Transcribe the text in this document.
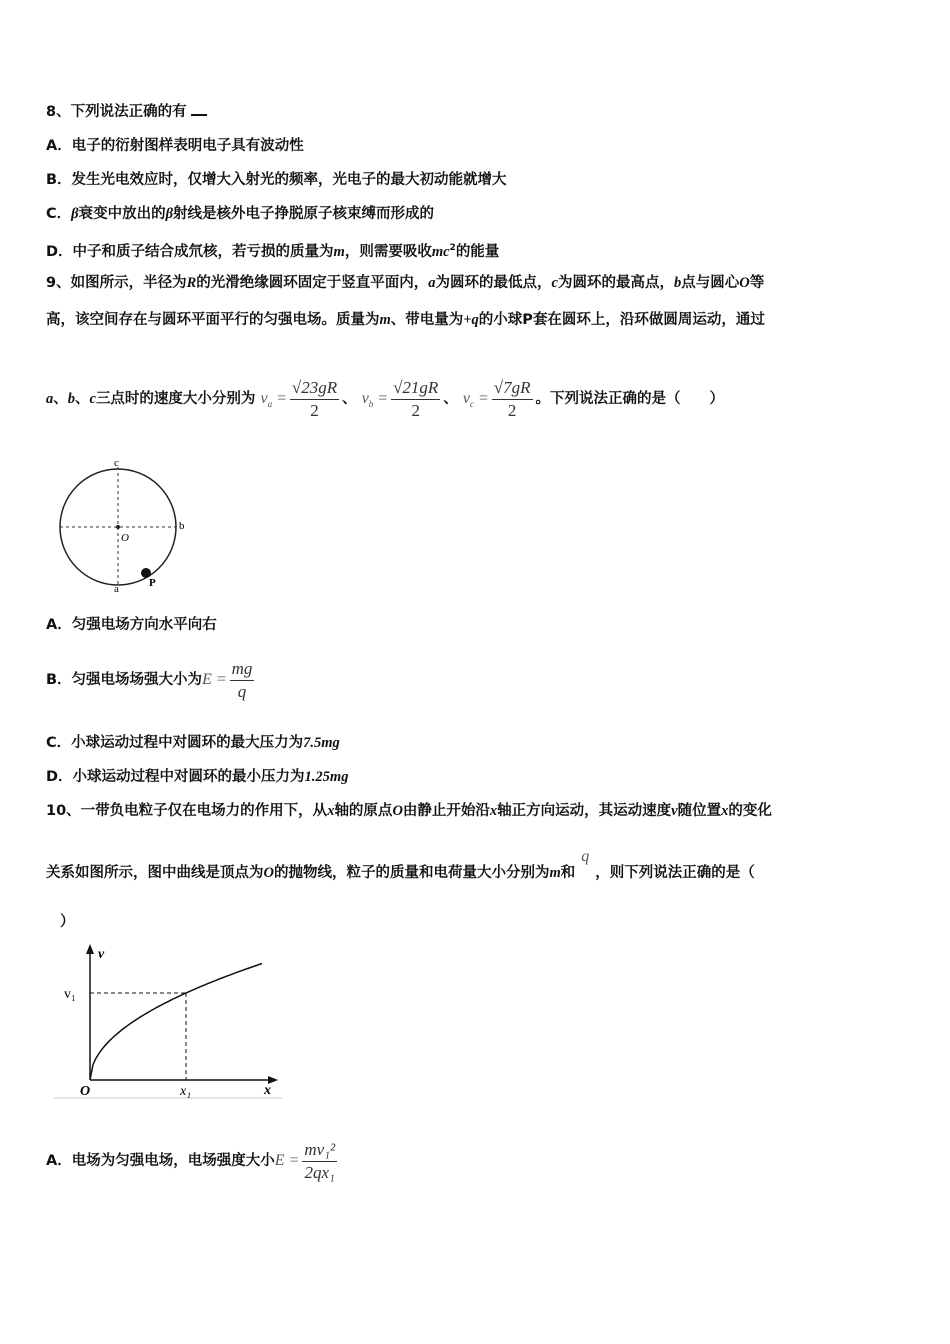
8、下列说法正确的有
A．电子的衍射图样表明电子具有波动性
B．发生光电效应时，仅增大入射光的频率，光电子的最大初动能就增大
C．β衰变中放出的β射线是核外电子挣脱原子核束缚而形成的
D．中子和质子结合成氘核，若亏损的质量为m，则需要吸收$mc^2$的能量
9、如图所示，半径为R的光滑绝缘圆环固定于竖直平面内，a为圆环的最低点，c为圆环的最高点，b点与圆心O等
高，该空间存在与圆环平面平行的匀强电场。质量为m、带电量为+q的小球P套在圆环上，沿环做圆周运动，通过
a、b、c三点时的速度大小分别为 $v_a = \frac{√23gR}{2}$ 、 $v_b = \frac{√21gR}{2}$ 、 $v_c = \frac{√7gR}{2}$ 。下列说法正确的是（　　）
c
b
O
a	P
A．匀强电场方向水平向右
B．匀强电场场强大小为$E = \frac{mg}{q}$
C．小球运动过程中对圆环的最大压力为7.5mg
D．小球运动过程中对圆环的最小压力为1.25mg
10、一带负电粒子仅在电场力的作用下，从x轴的原点O由静止开始沿x轴正方向运动，其运动速度v随位置x的变化
关系如图所示，图中曲线是顶点为O的抛物线，粒子的质量和电荷量大小分别为m和q，则下列说法正确的是（
）
v
v₁
O	x₁	x
A．电场为匀强电场，电场强度大小$E = \frac{\text{mv₁²}}{\text{2qx₁}}$
